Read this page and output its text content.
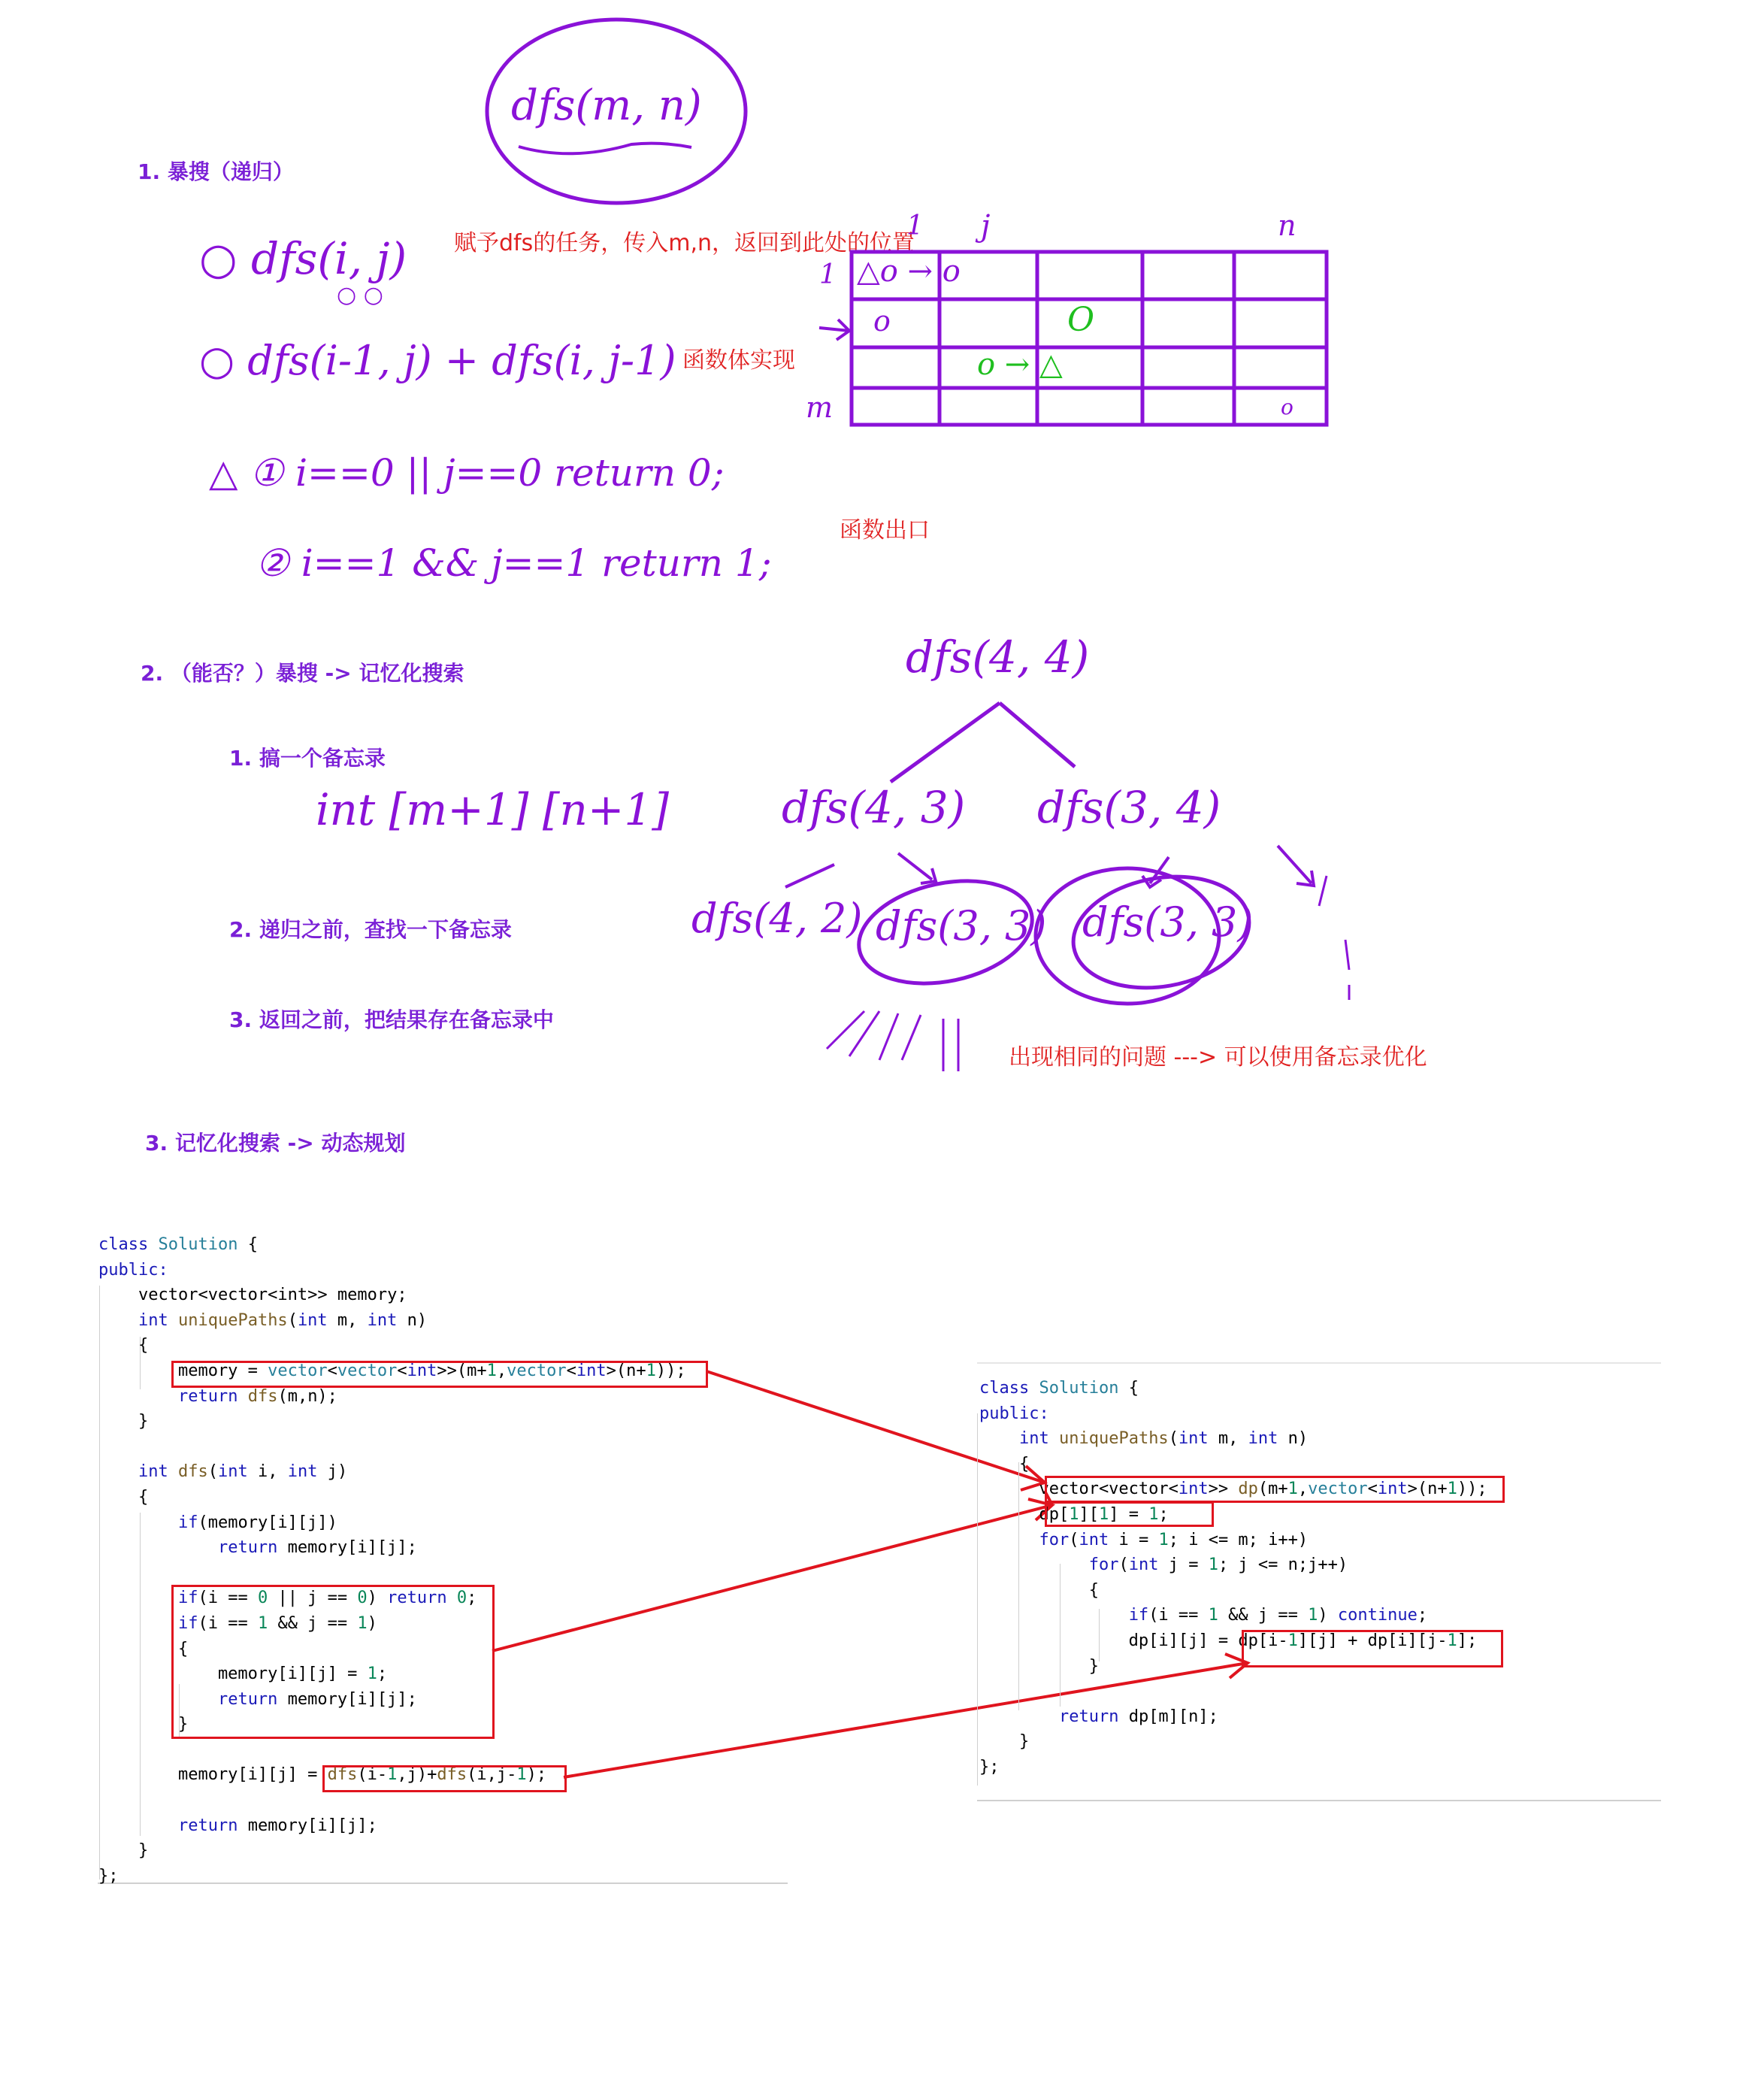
1. 暴搜（递归）
2. （能否？）暴搜 -> 记忆化搜索
1. 搞一个备忘录
2. 递归之前，查找一下备忘录
3. 返回之前，把结果存在备忘录中
3. 记忆化搜索 -> 动态规划
赋予dfs的任务，传入m,n，返回到此处的位置
函数体实现
函数出口
出现相同的问题 ---> 可以使用备忘录优化
dfs(m, n)
○ dfs(i, j)
○ ○
○ dfs(i-1, j) + dfs(i, j-1)
△ ① i==0 || j==0 return 0;
② i==1 && j==1 return 1;
int [m+1] [n+1]
dfs(4, 4)
dfs(4, 3) dfs(3, 4)
dfs(4, 2) dfs(3, 3) dfs(3, 3)
1 j	n
1
m
△o → o
o	O
o → △
o
class Solution {
public:
vector<vector<int>> memory;
int uniquePaths(int m, int n)
{
memory = vector<vector<int>>(m+1,vector<int>(n+1));
return dfs(m,n);
}
int dfs(int i, int j)
{
if(memory[i][j])
return memory[i][j];
if(i == 0 || j == 0) return 0;
if(i == 1 && j == 1)
{
memory[i][j] = 1;
return memory[i][j];
}
memory[i][j] = dfs(i-1,j)+dfs(i,j-1);
return memory[i][j];
}
};
class Solution {
public:
int uniquePaths(int m, int n)
{
vector<vector<int>> dp(m+1,vector<int>(n+1));
dp[1][1] = 1;
for(int i = 1; i <= m; i++)
for(int j = 1; j <= n;j++)
{
if(i == 1 && j == 1) continue;
dp[i][j] = dp[i-1][j] + dp[i][j-1];
}
return dp[m][n];
}
};
